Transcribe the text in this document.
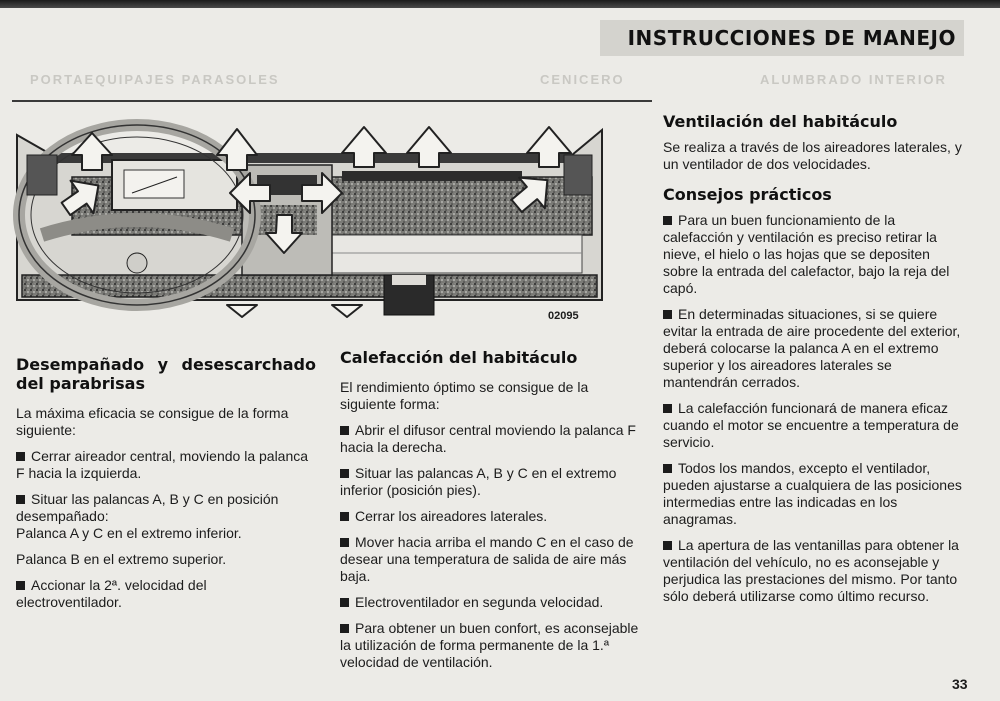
PORTAEQUIPAJES PARASOLES	CENICERO	ALUMBRADO INTERIOR
INSTRUCCIONES DE MANEJO
02095
Desempañado y desescarchado del parabrisas

La máxima eficacia se consigue de la forma siguiente:

Cerrar aireador central, moviendo la palanca F hacia la izquierda.

Situar las palancas A, B y C en posición desempañado:

Palanca A y C en el extremo inferior.

Palanca B en el extremo superior.

Accionar la 2ª. velocidad del electroventilador.

Calefacción del habitáculo

El rendimiento óptimo se consigue de la siguiente forma:

Abrir el difusor central moviendo la palanca F hacia la derecha.

Situar las palancas A, B y C en el extremo inferior (posición pies).

Cerrar los aireadores laterales.

Mover hacia arriba el mando C en el caso de desear una temperatura de salida de aire más baja.

Electroventilador en segunda velocidad.

Para obtener un buen confort, es aconsejable la utilización de forma permanente de la 1.ª velocidad de ventilación.

Ventilación del habitáculo

Se realiza a través de los aireadores laterales, y un ventilador de dos velocidades.

Consejos prácticos

Para un buen funcionamiento de la calefacción y ventilación es preciso retirar la nieve, el hielo o las hojas que se depositen sobre la entrada del calefactor, bajo la reja del capó.

En determinadas situaciones, si se quiere evitar la entrada de aire procedente del exterior, deberá colocarse la palanca A en el extremo superior y los aireadores laterales se mantendrán cerrados.

La calefacción funcionará de manera eficaz cuando el motor se encuentre a temperatura de servicio.

Todos los mandos, excepto el ventilador, pueden ajustarse a cualquiera de las posiciones intermedias entre las indicadas en los anagramas.

La apertura de las ventanillas para obtener la ventilación del vehículo, no es aconsejable y perjudica las prestaciones del mismo. Por tanto sólo deberá utilizarse como último recurso.

33
